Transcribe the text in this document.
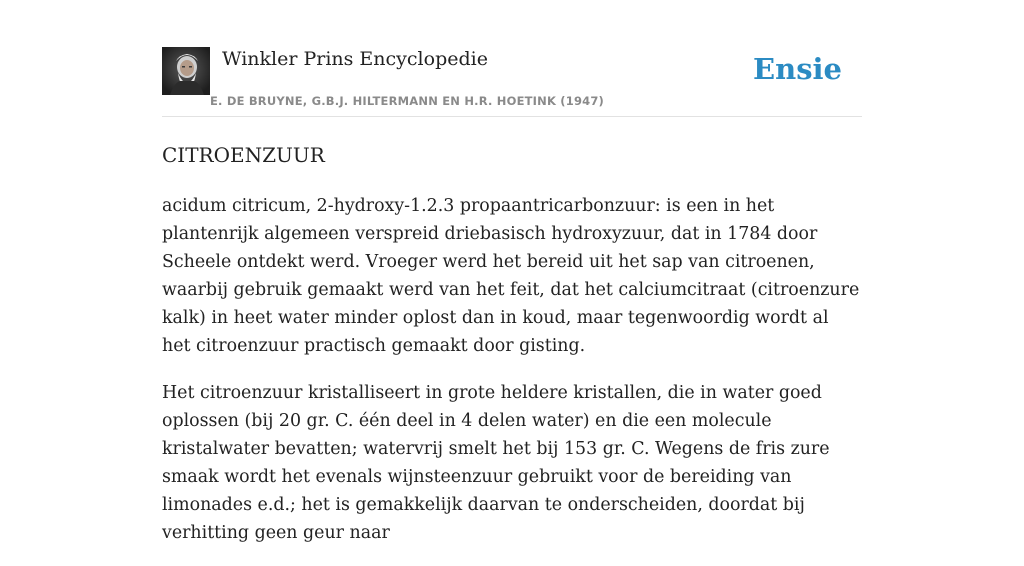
Winkler Prins Encyclopedie
E. DE BRUYNE, G.B.J. HILTERMANN EN H.R. HOETINK (1947)
Ensie
CITROENZUUR

acidum citricum, 2-hydroxy-1.2.3 propaantricarbonzuur: is een in het plantenrijk algemeen verspreid driebasisch hydroxyzuur, dat in 1784 door Scheele ontdekt werd. Vroeger werd het bereid uit het sap van citroenen, waarbij gebruik gemaakt werd van het feit, dat het calciumcitraat (citroenzure kalk) in heet water minder oplost dan in koud, maar tegenwoordig wordt al het citroenzuur practisch gemaakt door gisting.

Het citroenzuur kristalliseert in grote heldere kristallen, die in water goed oplossen (bij 20 gr. C. één deel in 4 delen water) en die een molecule kristalwater bevatten; watervrij smelt het bij 153 gr. C. Wegens de fris zure smaak wordt het evenals wijnsteenzuur gebruikt voor de bereiding van limonades e.d.; het is gemakkelijk daarvan te onderscheiden, doordat bij verhitting geen geur naar
